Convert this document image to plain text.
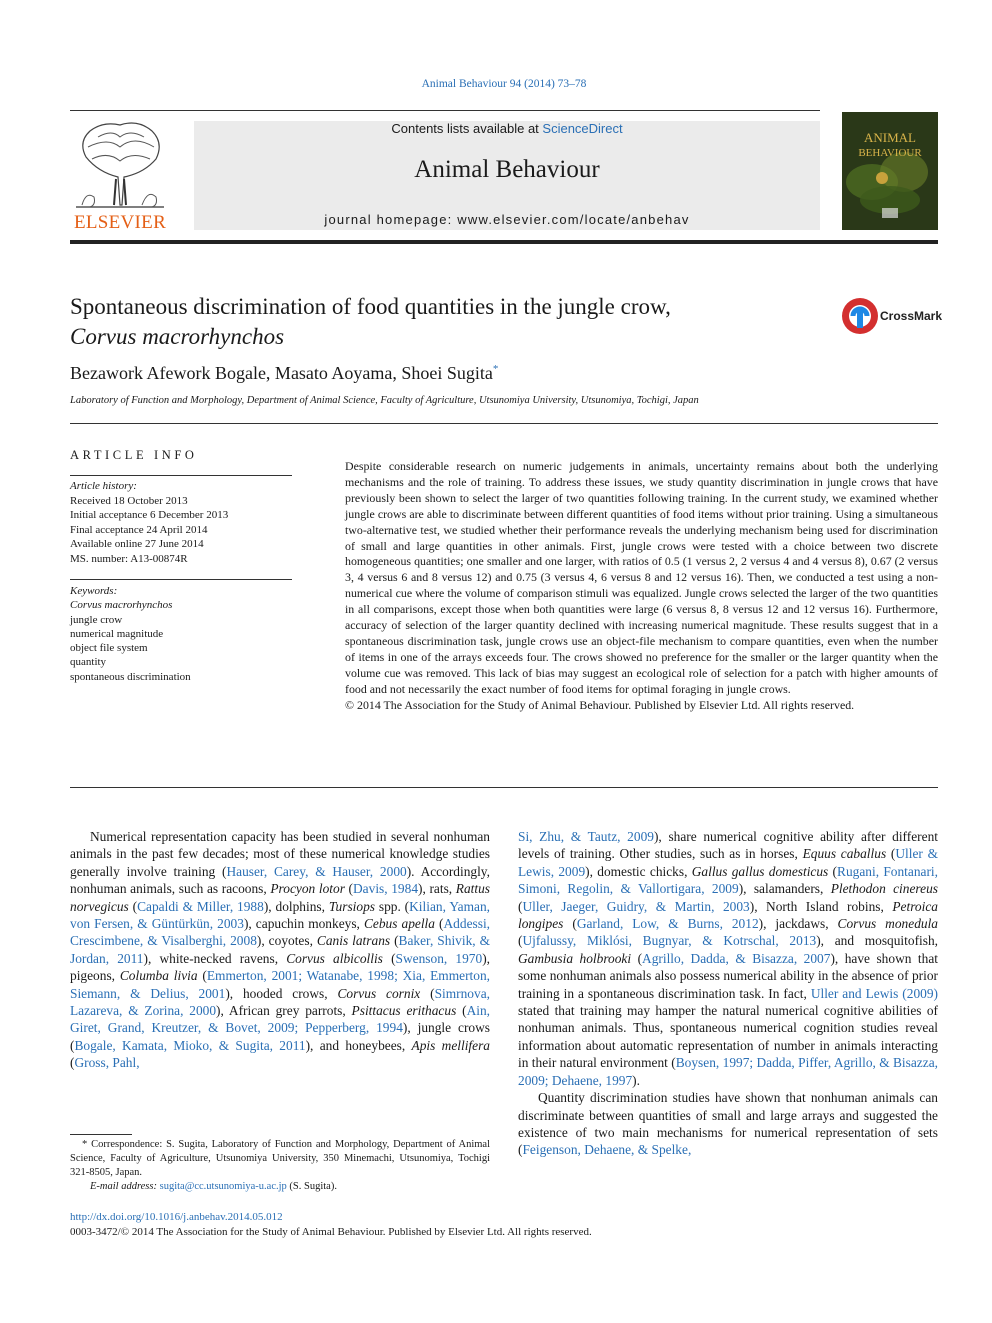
Animal Behaviour 94 (2014) 73–78
ELSEVIER
Contents lists available at ScienceDirect
Animal Behaviour
journal homepage: www.elsevier.com/locate/anbehav
ANIMAL
BEHAVIOUR
Spontaneous discrimination of food quantities in the jungle crow,
Corvus macrorhynchos
CrossMark
Bezawork Afework Bogale, Masato Aoyama, Shoei Sugita*
Laboratory of Function and Morphology, Department of Animal Science, Faculty of Agriculture, Utsunomiya University, Utsunomiya, Tochigi, Japan
ARTICLE INFO
Article history:
Received 18 October 2013
Initial acceptance 6 December 2013
Final acceptance 24 April 2014
Available online 27 June 2014
MS. number: A13-00874R
Keywords:
Corvus macrorhynchos
jungle crow
numerical magnitude
object file system
quantity
spontaneous discrimination
Despite considerable research on numeric judgements in animals, uncertainty remains about both the underlying mechanisms and the role of training. To address these issues, we study quantity discrimination in jungle crows that have previously been shown to select the larger of two quantities following training. In the current study, we examined whether jungle crows are able to discriminate between different quantities of food items without prior training. Using a simultaneous two-alternative test, we studied whether their performance reveals the underlying mechanism being used for discrimination of small and large quantities in other animals. First, jungle crows were tested with a choice between two discrete homogeneous quantities; one smaller and one larger, with ratios of 0.5 (1 versus 2, 2 versus 4 and 4 versus 8), 0.67 (2 versus 3, 4 versus 6 and 8 versus 12) and 0.75 (3 versus 4, 6 versus 8 and 12 versus 16). Then, we conducted a test using a non-numerical cue where the volume of comparison stimuli was equalized. Jungle crows selected the larger of the two quantities in all comparisons, except those when both quantities were large (6 versus 8, 8 versus 12 and 12 versus 16). Furthermore, accuracy of selection of the larger quantity declined with increasing numerical magnitude. These results suggest that in a spontaneous discrimination task, jungle crows use an object-file mechanism to compare quantities, even when the number of items in one of the arrays exceeds four. The crows showed no preference for the smaller or the larger quantity when the volume cue was removed. This lack of bias may suggest an ecological role of selection for a patch with higher amounts of food and not necessarily the exact number of food items for optimal foraging in jungle crows.
© 2014 The Association for the Study of Animal Behaviour. Published by Elsevier Ltd. All rights reserved.

Numerical representation capacity has been studied in several nonhuman animals in the past few decades; most of these numerical knowledge studies generally involve training (Hauser, Carey, & Hauser, 2000). Accordingly, nonhuman animals, such as racoons, Procyon lotor (Davis, 1984), rats, Rattus norvegicus (Capaldi & Miller, 1988), dolphins, Tursiops spp. (Kilian, Yaman, von Fersen, & Güntürkün, 2003), capuchin monkeys, Cebus apella (Addessi, Crescimbene, & Visalberghi, 2008), coyotes, Canis latrans (Baker, Shivik, & Jordan, 2011), white-necked ravens, Corvus albicollis (Swenson, 1970), pigeons, Columba livia (Emmerton, 2001; Watanabe, 1998; Xia, Emmerton, Siemann, & Delius, 2001), hooded crows, Corvus cornix (Simrnova, Lazareva, & Zorina, 2000), African grey parrots, Psittacus erithacus (Ain, Giret, Grand, Kreutzer, & Bovet, 2009; Pepperberg, 1994), jungle crows (Bogale, Kamata, Mioko, & Sugita, 2011), and honeybees, Apis mellifera (Gross, Pahl,

Si, Zhu, & Tautz, 2009), share numerical cognitive ability after different levels of training. Other studies, such as in horses, Equus caballus (Uller & Lewis, 2009), domestic chicks, Gallus gallus domesticus (Rugani, Fontanari, Simoni, Regolin, & Vallortigara, 2009), salamanders, Plethodon cinereus (Uller, Jaeger, Guidry, & Martin, 2003), North Island robins, Petroica longipes (Garland, Low, & Burns, 2012), jackdaws, Corvus monedula (Ujfalussy, Miklósi, Bugnyar, & Kotrschal, 2013), and mosquitofish, Gambusia holbrooki (Agrillo, Dadda, & Bisazza, 2007), have shown that some nonhuman animals also possess numerical ability in the absence of prior training in a spontaneous discrimination task. In fact, Uller and Lewis (2009) stated that training may hamper the natural numerical cognitive abilities of nonhuman animals. Thus, spontaneous numerical cognition studies reveal information about automatic representation of number in animals interacting in their natural environment (Boysen, 1997; Dadda, Piffer, Agrillo, & Bisazza, 2009; Dehaene, 1997).

Quantity discrimination studies have shown that nonhuman animals can discriminate between quantities of small and large arrays and suggested the existence of two main mechanisms for numerical representation of sets (Feigenson, Dehaene, & Spelke,

* Correspondence: S. Sugita, Laboratory of Function and Morphology, Department of Animal Science, Faculty of Agriculture, Utsunomiya University, 350 Minemachi, Utsunomiya, Tochigi 321-8505, Japan.
E-mail address: sugita@cc.utsunomiya-u.ac.jp (S. Sugita).
http://dx.doi.org/10.1016/j.anbehav.2014.05.012
0003-3472/© 2014 The Association for the Study of Animal Behaviour. Published by Elsevier Ltd. All rights reserved.
